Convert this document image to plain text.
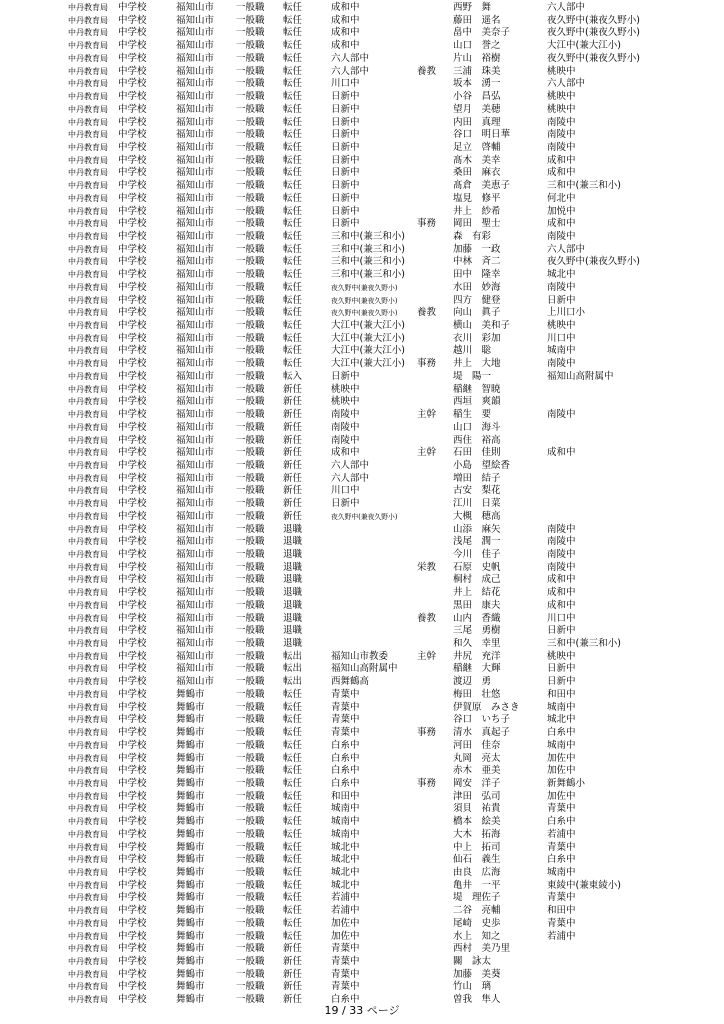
中丹教育局 中学校	福知山市 一般職 転任	成和中	西野　舞	六人部中
中丹教育局 中学校	福知山市 一般職 転任	成和中	藤田　遥名	夜久野中(兼夜久野小)
中丹教育局 中学校	福知山市 一般職 転任	成和中	畠中　美奈子	夜久野中(兼夜久野小)
中丹教育局 中学校	福知山市 一般職 転任	成和中	山口　誉之	大江中(兼大江小)
中丹教育局 中学校	福知山市 一般職 転任	六人部中	片山　裕樹	夜久野中(兼夜久野小)
中丹教育局 中学校	福知山市 一般職 転任	六人部中	養教 三浦　珠美	桃映中
中丹教育局 中学校	福知山市 一般職 転任	川口中	坂本　湧一	六人部中
中丹教育局 中学校	福知山市 一般職 転任	日新中	小谷　昌弘	桃映中
中丹教育局 中学校	福知山市 一般職 転任	日新中	望月　美穂	桃映中
中丹教育局 中学校	福知山市 一般職 転任	日新中	内田　真理	南陵中
中丹教育局 中学校	福知山市 一般職 転任	日新中	谷口　明日華	南陵中
中丹教育局 中学校	福知山市 一般職 転任	日新中	足立　啓輔	南陵中
中丹教育局 中学校	福知山市 一般職 転任	日新中	髙木　美幸	成和中
中丹教育局 中学校	福知山市 一般職 転任	日新中	桑田　麻衣	成和中
中丹教育局 中学校	福知山市 一般職 転任	日新中	髙倉　美恵子	三和中(兼三和小)
中丹教育局 中学校	福知山市 一般職 転任	日新中	塩見　修平	何北中
中丹教育局 中学校	福知山市 一般職 転任	日新中	井上　紗希	加悦中
中丹教育局 中学校	福知山市 一般職 転任	日新中	事務 岡田　聖士	成和中
中丹教育局 中学校	福知山市 一般職 転任	三和中(兼三和小)	森　有彩	南陵中
中丹教育局 中学校	福知山市 一般職 転任	三和中(兼三和小)	加藤　一政	六人部中
中丹教育局 中学校	福知山市 一般職 転任	三和中(兼三和小)	中林　斉二	夜久野中(兼夜久野小)
中丹教育局 中学校	福知山市 一般職 転任	三和中(兼三和小)	田中　隆幸	城北中
中丹教育局 中学校	福知山市 一般職 転任	夜久野中(兼夜久野小)	水田　妙海	南陵中
中丹教育局 中学校	福知山市 一般職 転任	夜久野中(兼夜久野小)	四方　健登	日新中
中丹教育局 中学校	福知山市 一般職 転任	夜久野中(兼夜久野小) 養教 向山　眞子	上川口小
中丹教育局 中学校	福知山市 一般職 転任	大江中(兼大江小)	横山　美和子	桃映中
中丹教育局 中学校	福知山市 一般職 転任	大江中(兼大江小)	衣川　彩加	川口中
中丹教育局 中学校	福知山市 一般職 転任	大江中(兼大江小)	越川　聡	城南中
中丹教育局 中学校	福知山市 一般職 転任	大江中(兼大江小) 事務 井上　大地	南陵中
中丹教育局 中学校	福知山市 一般職 転入	日新中	堤　陽一	福知山高附属中
中丹教育局 中学校	福知山市 一般職 新任	桃映中	稲継　智暁
中丹教育局 中学校	福知山市 一般職 新任	桃映中	西垣　爽韻
中丹教育局 中学校	福知山市 一般職 新任	南陵中	主幹 稲生　要	南陵中
中丹教育局 中学校	福知山市 一般職 新任	南陵中	山口　海斗
中丹教育局 中学校	福知山市 一般職 新任	南陵中	西住　裕高
中丹教育局 中学校	福知山市 一般職 新任	成和中	主幹 石田　佳則	成和中
中丹教育局 中学校	福知山市 一般職 新任	六人部中	小島　望絵香
中丹教育局 中学校	福知山市 一般職 新任	六人部中	増田　結子
中丹教育局 中学校	福知山市 一般職 新任	川口中	古安　梨花
中丹教育局 中学校	福知山市 一般職 新任	日新中	江川　日菜
中丹教育局 中学校	福知山市 一般職 新任	夜久野中(兼夜久野小)	大槻　穂高
中丹教育局 中学校	福知山市 一般職 退職	山添　麻矢	南陵中
中丹教育局 中学校	福知山市 一般職 退職	浅尾　潤一	南陵中
中丹教育局 中学校	福知山市 一般職 退職	今川　佳子	南陵中
中丹教育局 中学校	福知山市 一般職 退職	栄教 石原　史帆	南陵中
中丹教育局 中学校	福知山市 一般職 退職	桐村　成己	成和中
中丹教育局 中学校	福知山市 一般職 退職	井上　結花	成和中
中丹教育局 中学校	福知山市 一般職 退職	黒田　康夫	成和中
中丹教育局 中学校	福知山市 一般職 退職	養教 山内　香織	川口中
中丹教育局 中学校	福知山市 一般職 退職	三尾　勇樹	日新中
中丹教育局 中学校	福知山市 一般職 退職	和久　幸里	三和中(兼三和小)
中丹教育局 中学校	福知山市 一般職 転出	福知山市教委	主幹 井尻　充洋	桃映中
中丹教育局 中学校	福知山市 一般職 転出	福知山高附属中	稲継　大輝	日新中
中丹教育局 中学校	福知山市 一般職 転出	西舞鶴高	渡辺　勇	日新中
中丹教育局 中学校	舞鶴市	一般職 転任	青葉中	梅田　壮悠	和田中
中丹教育局 中学校	舞鶴市	一般職 転任	青葉中	伊賀原　みさき	城南中
中丹教育局 中学校	舞鶴市	一般職 転任	青葉中	谷口　いち子	城北中
中丹教育局 中学校	舞鶴市	一般職 転任	青葉中	事務 清水　真起子	白糸中
中丹教育局 中学校	舞鶴市	一般職 転任	白糸中	河田　佳奈	城南中
中丹教育局 中学校	舞鶴市	一般職 転任	白糸中	丸岡　亮太	加佐中
中丹教育局 中学校	舞鶴市	一般職 転任	白糸中	赤木　亜美	加佐中
中丹教育局 中学校	舞鶴市	一般職 転任	白糸中	事務 岡安　洋子	新舞鶴小
中丹教育局 中学校	舞鶴市	一般職 転任	和田中	津田　弘司	加佐中
中丹教育局 中学校	舞鶴市	一般職 転任	城南中	須貝　祐貴	青葉中
中丹教育局 中学校	舞鶴市	一般職 転任	城南中	橋本　絵美	白糸中
中丹教育局 中学校	舞鶴市	一般職 転任	城南中	大木　拓海	若浦中
中丹教育局 中学校	舞鶴市	一般職 転任	城北中	中上　拓司	青葉中
中丹教育局 中学校	舞鶴市	一般職 転任	城北中	仙石　義生	白糸中
中丹教育局 中学校	舞鶴市	一般職 転任	城北中	由良　広海	城南中
中丹教育局 中学校	舞鶴市	一般職 転任	城北中	亀井　一平	東綾中(兼東綾小)
中丹教育局 中学校	舞鶴市	一般職 転任	若浦中	堤　理佐子	青葉中
中丹教育局 中学校	舞鶴市	一般職 転任	若浦中	二谷　亮輔	和田中
中丹教育局 中学校	舞鶴市	一般職 転任	加佐中	尾崎　史歩	青葉中
中丹教育局 中学校	舞鶴市	一般職 転任	加佐中	水上　知之	若浦中
中丹教育局 中学校	舞鶴市	一般職 新任	青葉中	西村　美乃里
中丹教育局 中学校	舞鶴市	一般職 新任	青葉中	關　詠太
中丹教育局 中学校	舞鶴市	一般職 新任	青葉中	加藤　美葵
中丹教育局 中学校	舞鶴市	一般職 新任	青葉中	竹山　璃
中丹教育局 中学校	舞鶴市	一般職 新任	白糸中	曽我　隼人
19 / 33 ページ
